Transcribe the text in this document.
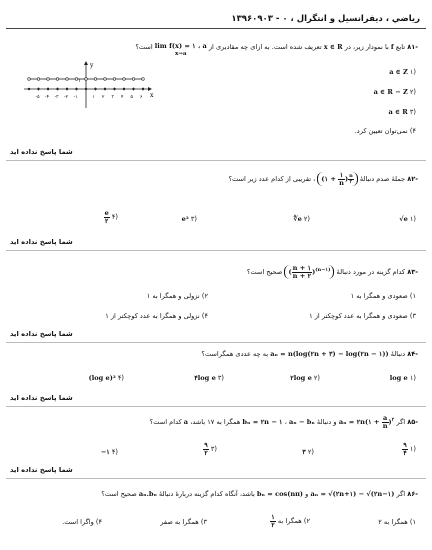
رياضي ، ديفرانسيل و انتگرال ، ۰ - ۱۳۹۶۰۹۰۳
-۸۱ تابع f با نمودار زير، در x ∈ R تعريف شده است. به ازاى چه مقاديرى از lim f(x) = ۱ ، a
x→a است؟
y
x
۱
-۵ -۴ -۳ -۲ -۱	۱ ۲ ۳ ۴ ۵ ۶
a ∈ Z ۱)
a ∈ R − Z ۲)
a ∈ R ۳)
۴) نمى‌توان تعيين كرد.
شما پاسخ نداده ايد
-۸۲ جملهٔ صدم دنبالهٔ (۱ + $\frac{۱}{n}$ ) $\frac{n}{۲}$
، تقريبى از كدام عدد زير است؟
√e ۱)
∜e ۲)
e² ۳)
$\frac{e}{۲}$ ۴)
شما پاسخ نداده ايد
-۸۳ كدام گزينه در مورد دنبالهٔ ( $\frac{n + ۱}{n + ۲} )^{(n-۱)}$ صحيح است؟
۱) صعودى و همگرا به ۱
۲) نزولى و همگرا به ۱
۳) صعودى و همگرا به عدد كوچكتر از ۱
۴) نزولى و همگرا به عدد كوچكتر از ۱
شما پاسخ نداده ايد
-۸۴ دنبالهٔ aₙ = n(log(۲n + ۳) − log(۲n − ۱)) به چه عددى همگراست؟
log e ۱)
۲log e ۲)
۴log e ۳)
(log e)² ۴)
شما پاسخ نداده ايد
-۸۵ اگر aₙ = ۲n(۱ + $\frac{a}{n} )^۲$ و دنبالهٔ bₙ = ۲n − ۱ ، aₙ − bₙ همگرا به ۱۷ باشد، a كدام است؟
$\frac{۹}{۴}$ ۱)
۳ ۲)
$\frac{۹}{۲}$ ۳)
−۱ ۴)
شما پاسخ نداده ايد
-۸۶ اگر aₙ = √(۲n+۱) − √(۲n−۱) و bₙ = cos(nπ) باشد، آنگاه كدام گزينه دربارهٔ دنبالهٔ aₙ.bₙ صحيح است؟
۱) همگرا به ۲
۲) همگرا به
$\frac{۱}{۲}$
۳) همگرا به صفر
۴) واگرا است.
